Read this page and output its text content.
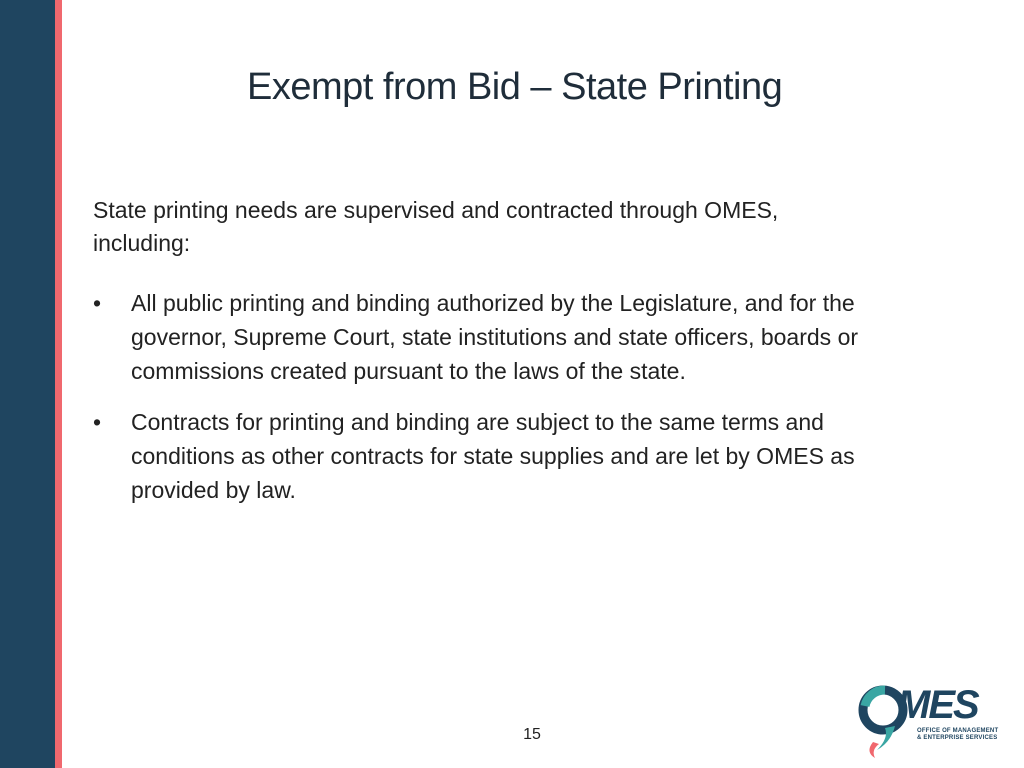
Exempt from Bid – State Printing
State printing needs are supervised and contracted through OMES, including:
•	All public printing and binding authorized by the Legislature, and for the governor, Supreme Court, state institutions and state officers, boards or commissions created pursuant to the laws of the state.
•	Contracts for printing and binding are subject to the same terms and conditions as other contracts for state supplies and are let by OMES as provided by law.
15
MES
OFFICE OF MANAGEMENT
& ENTERPRISE SERVICES
